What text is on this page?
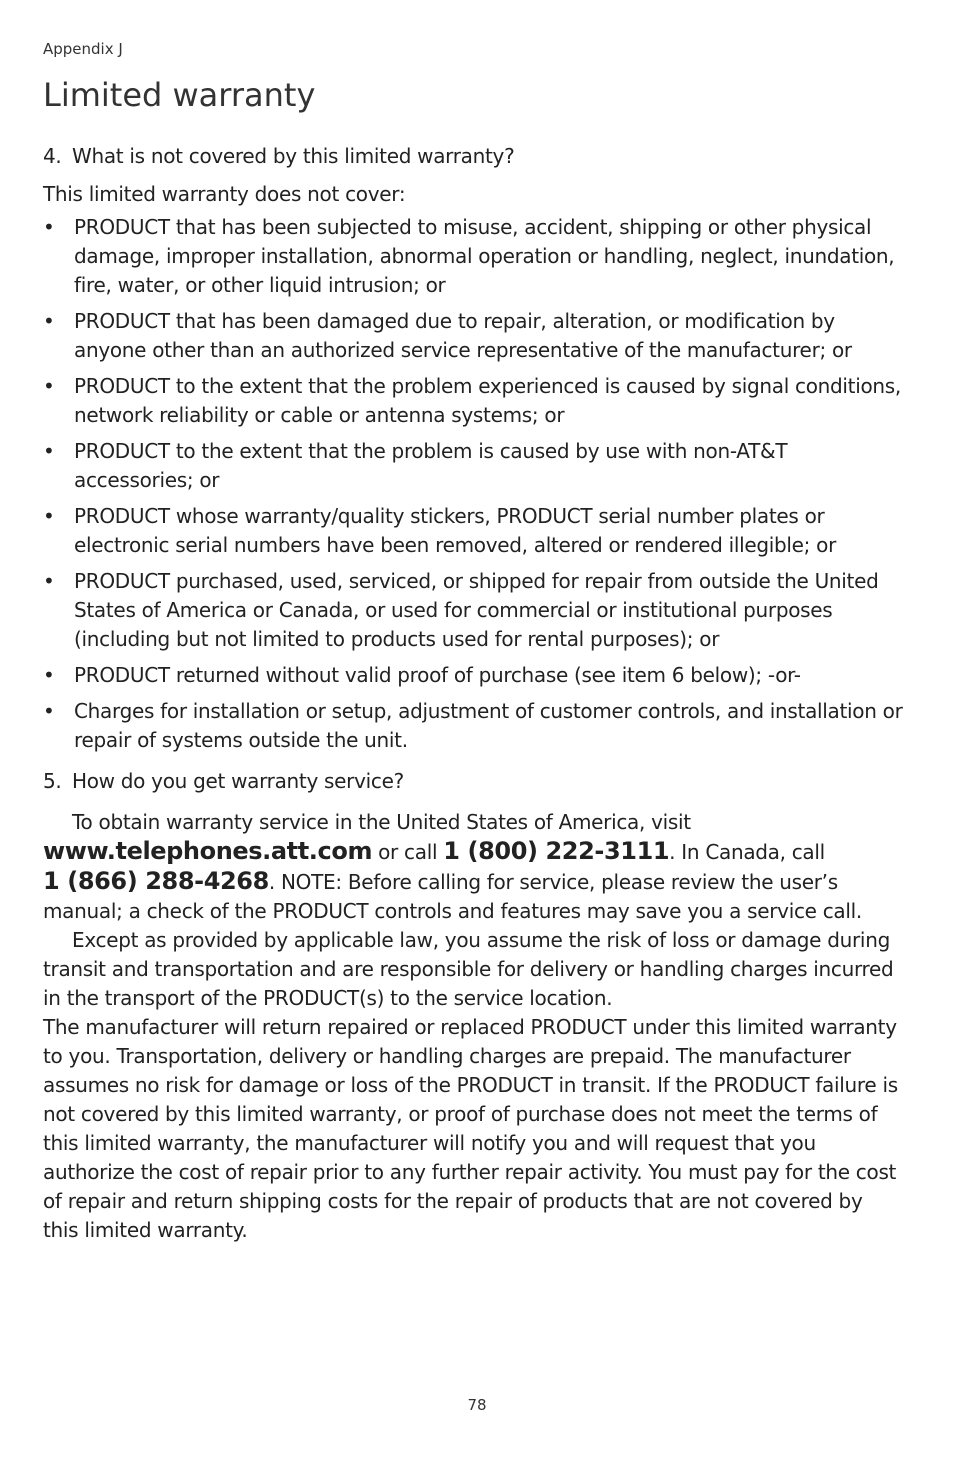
Appendix J
Limited warranty
4. What is not covered by this limited warranty?

This limited warranty does not cover:

• PRODUCT that has been subjected to misuse, accident, shipping or other physical damage, improper installation, abnormal operation or handling, neglect, inundation, fire, water, or other liquid intrusion; or
• PRODUCT that has been damaged due to repair, alteration, or modification by anyone other than an authorized service representative of the manufacturer; or
• PRODUCT to the extent that the problem experienced is caused by signal conditions, network reliability or cable or antenna systems; or
• PRODUCT to the extent that the problem is caused by use with non-AT&T accessories; or
• PRODUCT whose warranty/quality stickers, PRODUCT serial number plates or electronic serial numbers have been removed, altered or rendered illegible; or
• PRODUCT purchased, used, serviced, or shipped for repair from outside the United States of America or Canada, or used for commercial or institutional purposes (including but not limited to products used for rental purposes); or
• PRODUCT returned without valid proof of purchase (see item 6 below); -or-
• Charges for installation or setup, adjustment of customer controls, and installation or repair of systems outside the unit.
5. How do you get warranty service?

To obtain warranty service in the United States of America, visit
www.telephones.att.com or call 1 (800) 222-3111. In Canada, call
1 (866) 288-4268. NOTE: Before calling for service, please review the user’s manual; a check of the PRODUCT controls and features may save you a service call.

Except as provided by applicable law, you assume the risk of loss or damage during transit and transportation and are responsible for delivery or handling charges incurred in the transport of the PRODUCT(s) to the service location.

The manufacturer will return repaired or replaced PRODUCT under this limited warranty to you. Transportation, delivery or handling charges are prepaid. The manufacturer assumes no risk for damage or loss of the PRODUCT in transit. If the PRODUCT failure is not covered by this limited warranty, or proof of purchase does not meet the terms of this limited warranty, the manufacturer will notify you and will request that you authorize the cost of repair prior to any further repair activity. You must pay for the cost of repair and return shipping costs for the repair of products that are not covered by this limited warranty.

78
